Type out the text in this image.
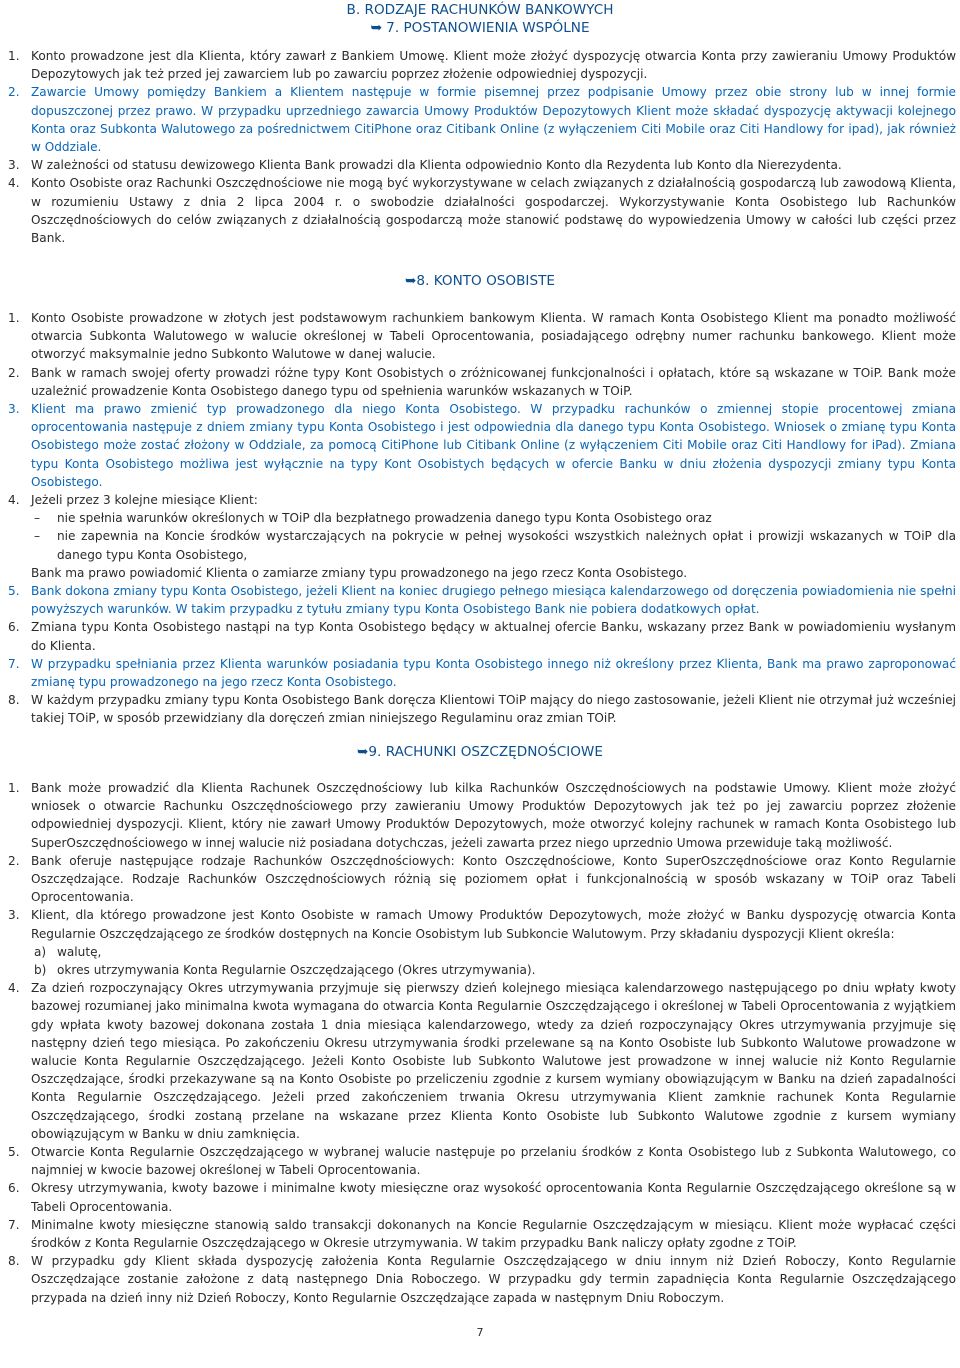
B. RODZAJE RACHUNKÓW BANKOWYCH
➥ 7. POSTANOWIENIA WSPÓLNE
1. Konto prowadzone jest dla Klienta, który zawarł z Bankiem Umowę. Klient może złożyć dyspozycję otwarcia Konta przy zawieraniu Umowy Produktów Depozytowych jak też przed jej zawarciem lub po zawarciu poprzez złożenie odpowiedniej dyspozycji.
2. Zawarcie Umowy pomiędzy Bankiem a Klientem następuje w formie pisemnej przez podpisanie Umowy przez obie strony lub w innej formie dopuszczonej przez prawo. W przypadku uprzedniego zawarcia Umowy Produktów Depozytowych Klient może składać dyspozycję aktywacji kolejnego Konta oraz Subkonta Walutowego za pośrednictwem CitiPhone oraz Citibank Online (z wyłączeniem Citi Mobile oraz Citi Handlowy for ipad), jak również w Oddziale.
3. W zależności od statusu dewizowego Klienta Bank prowadzi dla Klienta odpowiednio Konto dla Rezydenta lub Konto dla Nierezydenta.
4. Konto Osobiste oraz Rachunki Oszczędnościowe nie mogą być wykorzystywane w celach związanych z działalnością gospodarczą lub zawodową Klienta, w rozumieniu Ustawy z dnia 2 lipca 2004 r. o swobodzie działalności gospodarczej. Wykorzystywanie Konta Osobistego lub Rachunków Oszczędnościowych do celów związanych z działalnością gospodarczą może stanowić podstawę do wypowiedzenia Umowy w całości lub części przez Bank.
➥8. KONTO OSOBISTE
1. Konto Osobiste prowadzone w złotych jest podstawowym rachunkiem bankowym Klienta. W ramach Konta Osobistego Klient ma ponadto możliwość otwarcia Subkonta Walutowego w walucie określonej w Tabeli Oprocentowania, posiadającego odrębny numer rachunku bankowego. Klient może otworzyć maksymalnie jedno Subkonto Walutowe w danej walucie.
2. Bank w ramach swojej oferty prowadzi różne typy Kont Osobistych o zróżnicowanej funkcjonalności i opłatach, które są wskazane w TOiP. Bank może uzależnić prowadzenie Konta Osobistego danego typu od spełnienia warunków wskazanych w TOiP.
3. Klient ma prawo zmienić typ prowadzonego dla niego Konta Osobistego. W przypadku rachunków o zmiennej stopie procentowej zmiana oprocentowania następuje z dniem zmiany typu Konta Osobistego i jest odpowiednia dla danego typu Konta Osobistego. Wniosek o zmianę typu Konta Osobistego może zostać złożony w Oddziale, za pomocą CitiPhone lub Citibank Online (z wyłączeniem Citi Mobile oraz Citi Handlowy for iPad). Zmiana typu Konta Osobistego możliwa jest wyłącznie na typy Kont Osobistych będących w ofercie Banku w dniu złożenia dyspozycji zmiany typu Konta Osobistego.
4. Jeżeli przez 3 kolejne miesiące Klient:
– nie spełnia warunków określonych w TOiP dla bezpłatnego prowadzenia danego typu Konta Osobistego oraz
– nie zapewnia na Koncie środków wystarczających na pokrycie w pełnej wysokości wszystkich należnych opłat i prowizji wskazanych w TOiP dla danego typu Konta Osobistego,
Bank ma prawo powiadomić Klienta o zamiarze zmiany typu prowadzonego na jego rzecz Konta Osobistego.
5. Bank dokona zmiany typu Konta Osobistego, jeżeli Klient na koniec drugiego pełnego miesiąca kalendarzowego od doręczenia powiadomienia nie spełni powyższych warunków. W takim przypadku z tytułu zmiany typu Konta Osobistego Bank nie pobiera dodatkowych opłat.
6. Zmiana typu Konta Osobistego nastąpi na typ Konta Osobistego będący w aktualnej ofercie Banku, wskazany przez Bank w powiadomieniu wysłanym do Klienta.
7. W przypadku spełniania przez Klienta warunków posiadania typu Konta Osobistego innego niż określony przez Klienta, Bank ma prawo zaproponować zmianę typu prowadzonego na jego rzecz Konta Osobistego.
8. W każdym przypadku zmiany typu Konta Osobistego Bank doręcza Klientowi TOiP mający do niego zastosowanie, jeżeli Klient nie otrzymał już wcześniej takiej TOiP, w sposób przewidziany dla doręczeń zmian niniejszego Regulaminu oraz zmian TOiP.
➥9. RACHUNKI OSZCZĘDNOŚCIOWE
1. Bank może prowadzić dla Klienta Rachunek Oszczędnościowy lub kilka Rachunków Oszczędnościowych na podstawie Umowy. Klient może złożyć wniosek o otwarcie Rachunku Oszczędnościowego przy zawieraniu Umowy Produktów Depozytowych jak też po jej zawarciu poprzez złożenie odpowiedniej dyspozycji. Klient, który nie zawarł Umowy Produktów Depozytowych, może otworzyć kolejny rachunek w ramach Konta Osobistego lub SuperOszczędnościowego w innej walucie niż posiadana dotychczas, jeżeli zawarta przez niego uprzednio Umowa przewiduje taką możliwość.
2. Bank oferuje następujące rodzaje Rachunków Oszczędnościowych: Konto Oszczędnościowe, Konto SuperOszczędnościowe oraz Konto Regularnie Oszczędzające. Rodzaje Rachunków Oszczędnościowych różnią się poziomem opłat i funkcjonalnością w sposób wskazany w TOiP oraz Tabeli Oprocentowania.
3. Klient, dla którego prowadzone jest Konto Osobiste w ramach Umowy Produktów Depozytowych, może złożyć w Banku dyspozycję otwarcia Konta Regularnie Oszczędzającego ze środków dostępnych na Koncie Osobistym lub Subkoncie Walutowym. Przy składaniu dyspozycji Klient określa:
a) walutę,
b) okres utrzymywania Konta Regularnie Oszczędzającego (Okres utrzymywania).
4. Za dzień rozpoczynający Okres utrzymywania przyjmuje się pierwszy dzień kolejnego miesiąca kalendarzowego następującego po dniu wpłaty kwoty bazowej rozumianej jako minimalna kwota wymagana do otwarcia Konta Regularnie Oszczędzającego i określonej w Tabeli Oprocentowania z wyjątkiem gdy wpłata kwoty bazowej dokonana została 1 dnia miesiąca kalendarzowego, wtedy za dzień rozpoczynający Okres utrzymywania przyjmuje się następny dzień tego miesiąca. Po zakończeniu Okresu utrzymywania środki przelewane są na Konto Osobiste lub Subkonto Walutowe prowadzone w walucie Konta Regularnie Oszczędzającego. Jeżeli Konto Osobiste lub Subkonto Walutowe jest prowadzone w innej walucie niż Konto Regularnie Oszczędzające, środki przekazywane są na Konto Osobiste po przeliczeniu zgodnie z kursem wymiany obowiązującym w Banku na dzień zapadalności Konta Regularnie Oszczędzającego. Jeżeli przed zakończeniem trwania Okresu utrzymywania Klient zamknie rachunek Konta Regularnie Oszczędzającego, środki zostaną przelane na wskazane przez Klienta Konto Osobiste lub Subkonto Walutowe zgodnie z kursem wymiany obowiązującym w Banku w dniu zamknięcia.
5. Otwarcie Konta Regularnie Oszczędzającego w wybranej walucie następuje po przelaniu środków z Konta Osobistego lub z Subkonta Walutowego, co najmniej w kwocie bazowej określonej w Tabeli Oprocentowania.
6. Okresy utrzymywania, kwoty bazowe i minimalne kwoty miesięczne oraz wysokość oprocentowania Konta Regularnie Oszczędzającego określone są w Tabeli Oprocentowania.
7. Minimalne kwoty miesięczne stanowią saldo transakcji dokonanych na Koncie Regularnie Oszczędzającym w miesiącu. Klient może wypłacać części środków z Konta Regularnie Oszczędzającego w Okresie utrzymywania. W takim przypadku Bank naliczy opłaty zgodne z TOiP.
8. W przypadku gdy Klient składa dyspozycję założenia Konta Regularnie Oszczędzającego w dniu innym niż Dzień Roboczy, Konto Regularnie Oszczędzające zostanie założone z datą następnego Dnia Roboczego. W przypadku gdy termin zapadnięcia Konta Regularnie Oszczędzającego przypada na dzień inny niż Dzień Roboczy, Konto Regularnie Oszczędzające zapada w następnym Dniu Roboczym.
7
